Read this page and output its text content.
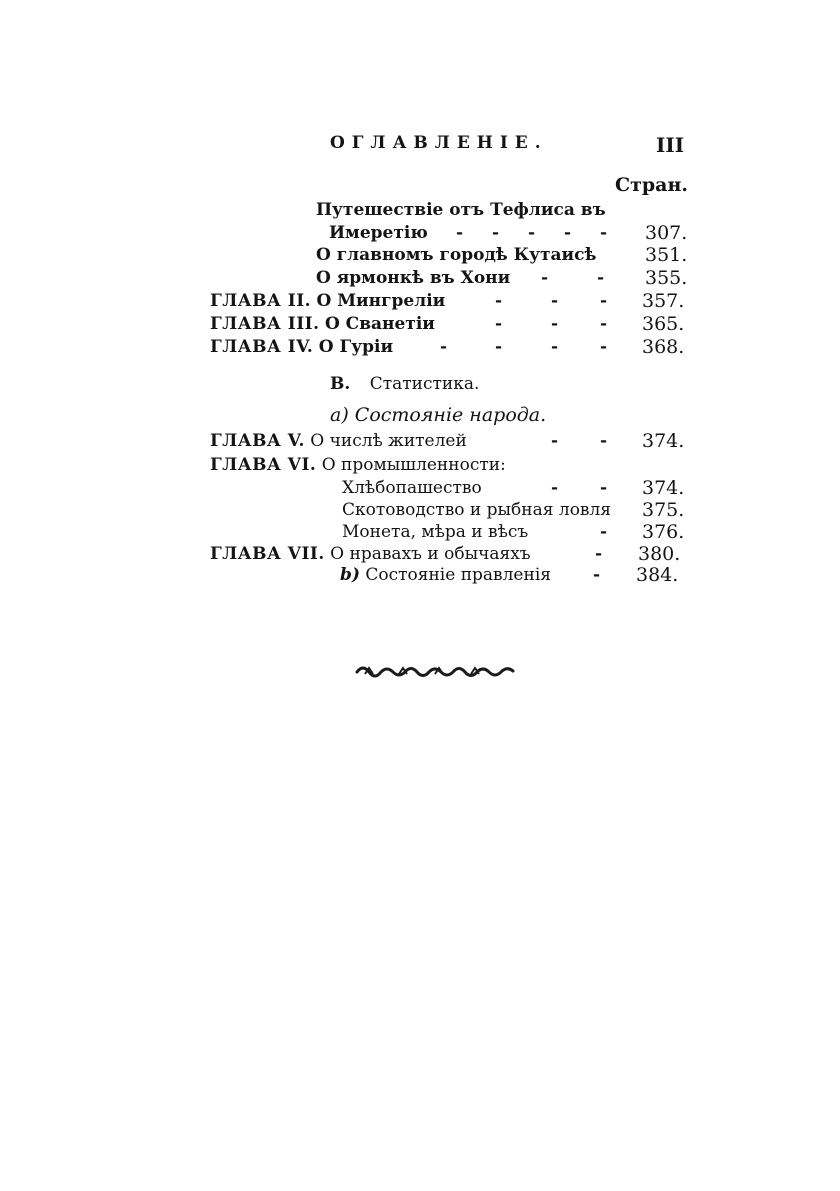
ОГЛАВЛЕНІЕ.	III
Стран.
Путешествіе отъ Тефлиса въ
Имеретію - - - - - 307.
О главномъ городѣ Кутаисѣ	351.
О ярмонкѣ въ Хони -	- 355.
ГЛАВА II. О Мингреліи	-	- - 357.
ГЛАВА III. О Сванетіи	-	- - 365.
ГЛАВА IV. О Гуріи	-	-	- - 368.
B. Статистика.
а) Состояніе народа.
ГЛАВА V. О числѣ жителей	- - 374.
ГЛАВА VI. О промышленности:
Хлѣбопашество	- - 374.
Скотоводство и рыбная ловля 375.
Монета, мѣра и вѣсъ	- 376.
ГЛАВА VII. О нравахъ и обычаяхъ	- 380.
b) Состояніе правленія - 384.
